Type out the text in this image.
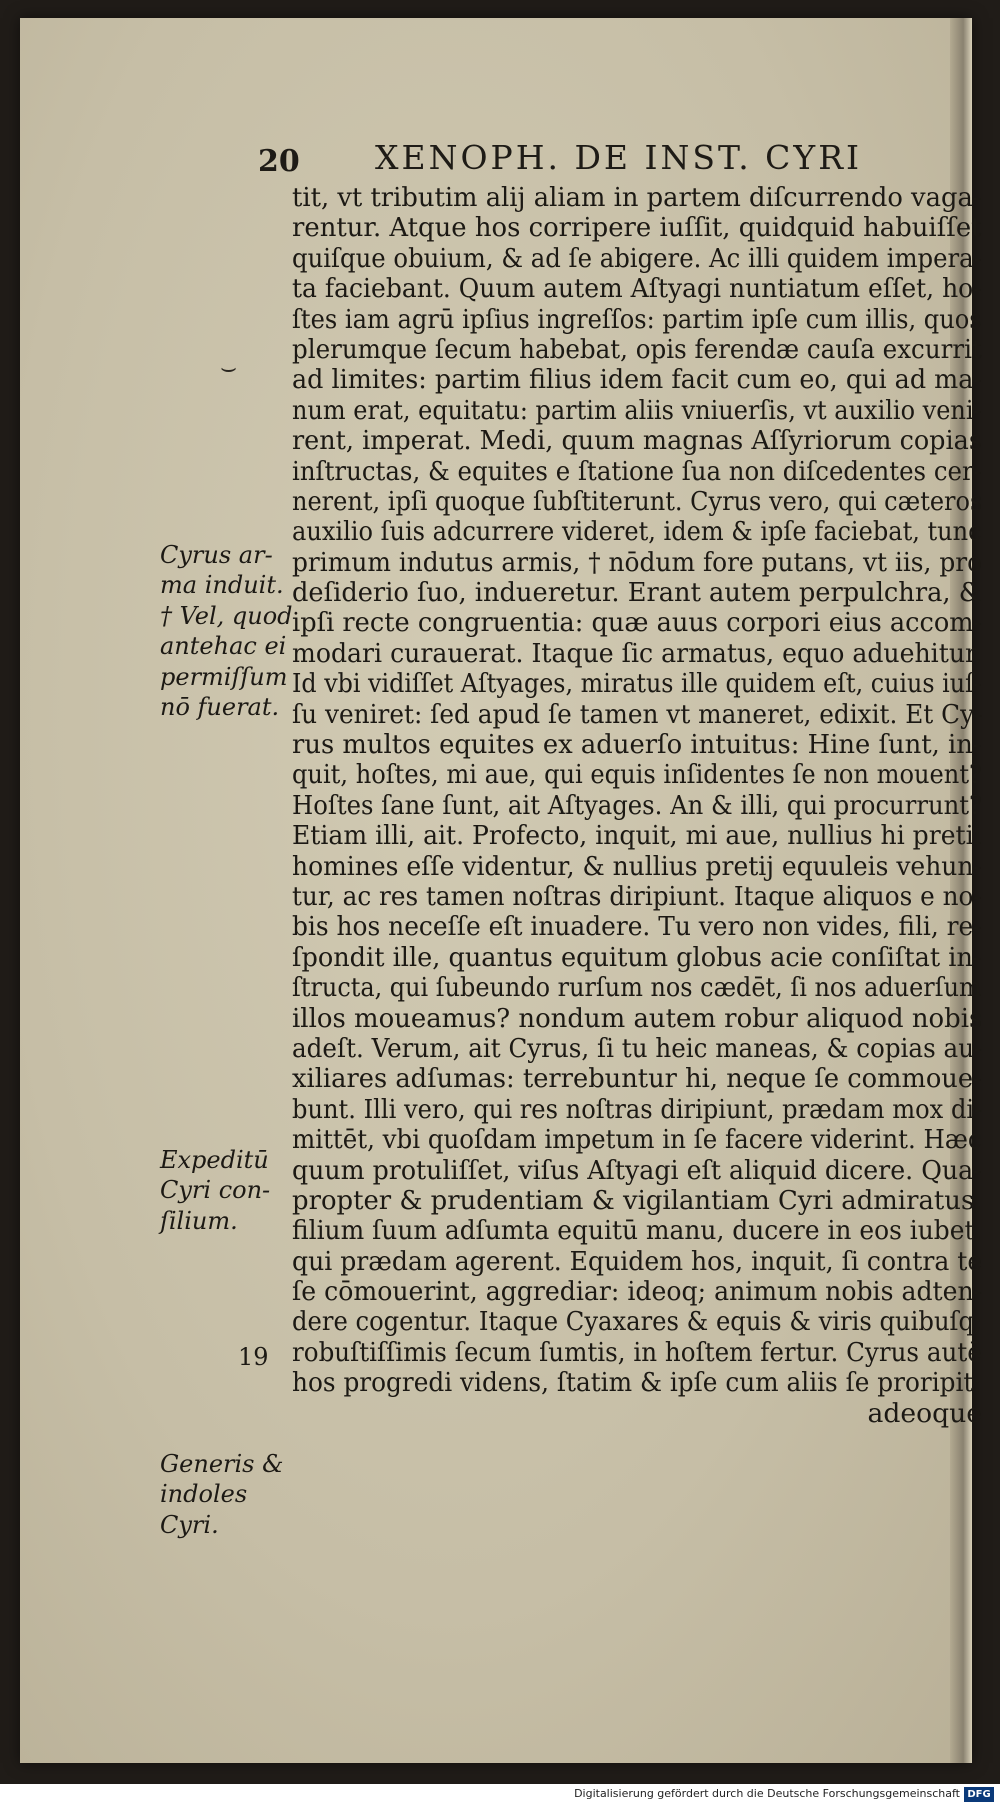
20 XENOPH. DE INST. CYRI
⌣
Cyrus ar-
ma induit.
† Vel, quod
antehac ei
permiſſum
nō fuerat.
Expeditū
Cyri con-
ſilium.
19
Generis &
indoles
Cyri.
tit, vt tributim alij aliam in partem diſcurrendo vaga-
rentur. Atque hos corripere iuſſit, quidquid habuiſſet
quiſque obuium, & ad ſe abigere. Ac illi quidem impera-
ta faciebant. Quum autem Aſtyagi nuntiatum eſſet, ho-
ſtes iam agrū ipſius ingreſſos: partim ipſe cum illis, quos
plerumque ſecum habebat, opis ferendæ cauſa excurrit
ad limites: partim filius idem facit cum eo, qui ad ma-
num erat, equitatu: partim aliis vniuerſis, vt auxilio veni-
rent, imperat. Medi, quum magnas Aſſyriorum copias
inſtructas, & equites e ſtatione ſua non diſcedentes cer-
nerent, ipſi quoque ſubſtiterunt. Cyrus vero, qui cæteros
auxilio ſuis adcurrere videret, idem & ipſe faciebat, tunc
primum indutus armis, † nōdum fore putans, vt iis, pro
deſiderio ſuo, indueretur. Erant autem perpulchra, &
ipſi recte congruentia: quæ auus corpori eius accom-
modari curauerat. Itaque ſic armatus, equo aduehitur.
Id vbi vidiſſet Aſtyages, miratus ille quidem eſt, cuius iuſ-
ſu veniret: ſed apud ſe tamen vt maneret, edixit. Et Cy-
rus multos equites ex aduerſo intuitus: Hine ſunt, in-
quit, hoſtes, mi aue, qui equis inſidentes ſe non mouent?
Hoſtes ſane ſunt, ait Aſtyages. An & illi, qui procurrunt?
Etiam illi, ait. Profecto, inquit, mi aue, nullius hi pretii
homines eſſe videntur, & nullius pretij equuleis vehun-
tur, ac res tamen noſtras diripiunt. Itaque aliquos e no-
bis hos neceſſe eſt inuadere. Tu vero non vides, fili, re-
ſpondit ille, quantus equitum globus acie conſiſtat in-
ſtructa, qui ſubeundo rurſum nos cædēt, ſi nos aduerſum
illos moueamus? nondum autem robur aliquod nobis
adeſt. Verum, ait Cyrus, ſi tu heic maneas, & copias au-
xiliares adſumas: terrebuntur hi, neque ſe commoue-
bunt. Illi vero, qui res noſtras diripiunt, prædam mox di-
mittēt, vbi quoſdam impetum in ſe facere viderint. Hæc
quum protuliſſet, viſus Aſtyagi eſt aliquid dicere. Qua-
propter & prudentiam & vigilantiam Cyri admiratus,
filium ſuum adſumta equitū manu, ducere in eos iubet,
qui prædam agerent. Equidem hos, inquit, ſi contra te
ſe cōmouerint, aggrediar: ideoq; animum nobis adten-
dere cogentur. Itaque Cyaxares & equis & viris quibuſq;
robuſtiſſimis ſecum ſumtis, in hoſtem fertur. Cyrus autē
hos progredi videns, ſtatim & ipſe cum aliis ſe proripit:
adeoque
Digitalisierung gefördert durch die Deutsche Forschungsgemeinschaft DFG
